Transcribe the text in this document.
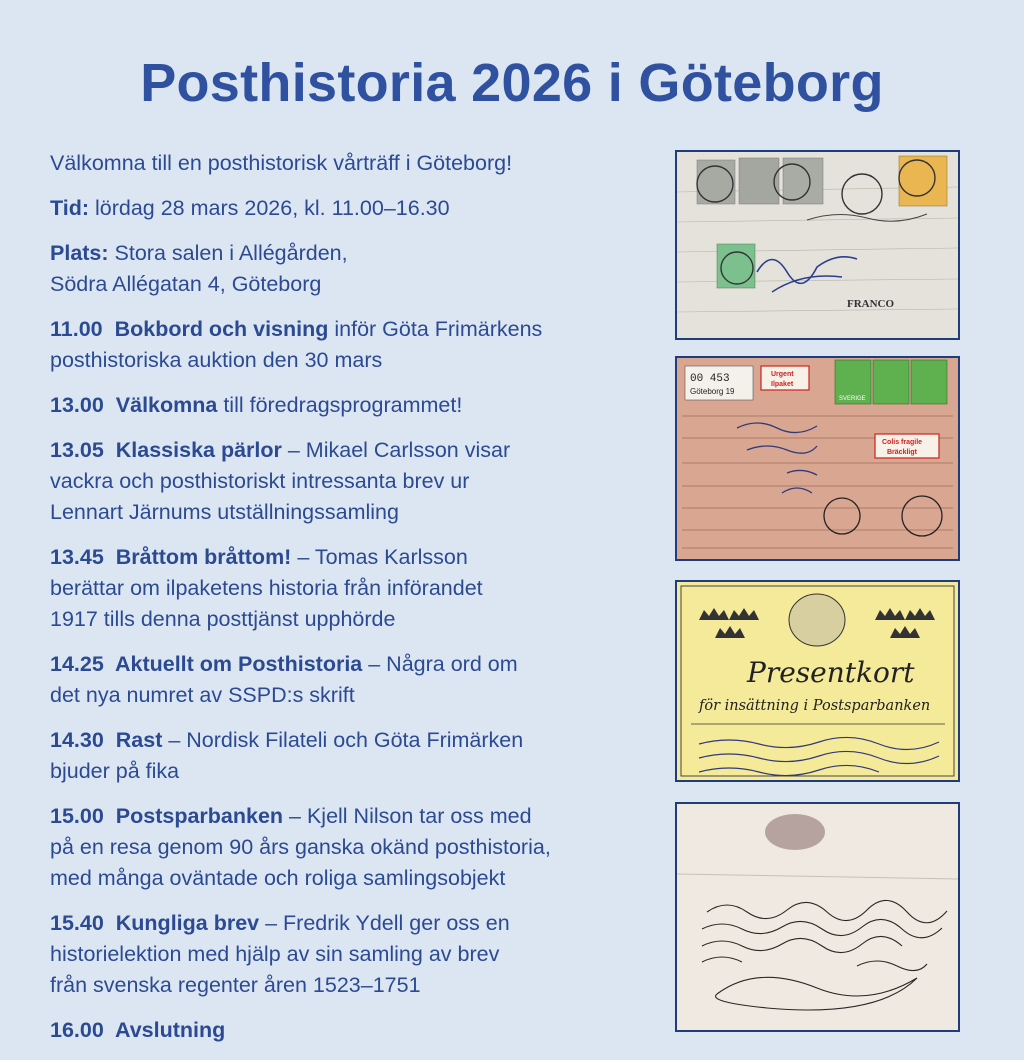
Posthistoria 2026 i Göteborg
Välkomna till en posthistorisk vårträff i Göteborg!
Tid: lördag 28 mars 2026, kl. 11.00–16.30
Plats: Stora salen i Allégården,
Södra Allégatan 4, Göteborg
11.00 Bokbord och visning inför Göta Frimärkens
posthistoriska auktion den 30 mars
13.00 Välkomna till föredragsprogrammet!
13.05 Klassiska pärlor – Mikael Carlsson visar
vackra och posthistoriskt intressanta brev ur
Lennart Järnums utställningssamling
13.45 Bråttom bråttom! – Tomas Karlsson
berättar om ilpaketens historia från införandet
1917 tills denna posttjänst upphörde
14.25 Aktuellt om Posthistoria – Några ord om
det nya numret av SSPD:s skrift
14.30 Rast – Nordisk Filateli och Göta Frimärken
bjuder på fika
15.00 Postsparbanken – Kjell Nilson tar oss med
på en resa genom 90 års ganska okänd posthistoria,
med många oväntade och roliga samlingsobjekt
15.40 Kungliga brev – Fredrik Ydell ger oss en
historielektion med hjälp av sin samling av brev
från svenska regenter åren 1523–1751
16.00 Avslutning
FRANCO
00 453
Göteborg 19
Urgent
Ilpaket
SVERIGE
Colis fragile
Bräckligt
Presentkort
för insättning i Postsparbanken
